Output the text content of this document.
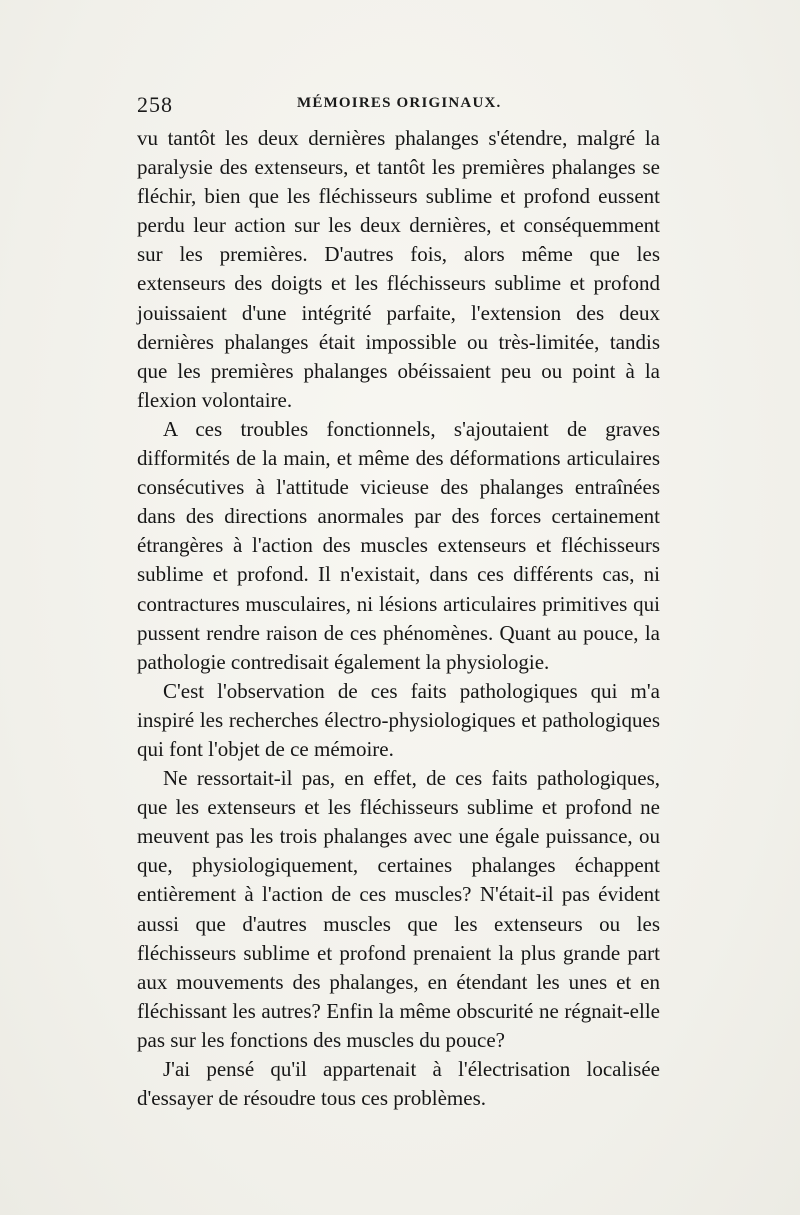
258	MÉMOIRES ORIGINAUX.

vu tantôt les deux dernières phalanges s'étendre, malgré la paralysie des extenseurs, et tantôt les premières phalanges se fléchir, bien que les fléchisseurs sublime et profond eussent perdu leur action sur les deux dernières, et conséquemment sur les premières. D'autres fois, alors même que les extenseurs des doigts et les fléchisseurs sublime et profond jouissaient d'une intégrité parfaite, l'extension des deux dernières phalanges était impossible ou très-limitée, tandis que les premières phalanges obéissaient peu ou point à la flexion volontaire.

A ces troubles fonctionnels, s'ajoutaient de graves difformités de la main, et même des déformations articulaires consécutives à l'attitude vicieuse des phalanges entraînées dans des directions anormales par des forces certainement étrangères à l'action des muscles extenseurs et fléchisseurs sublime et profond. Il n'existait, dans ces différents cas, ni contractures musculaires, ni lésions articulaires primitives qui pussent rendre raison de ces phénomènes. Quant au pouce, la pathologie contredisait également la physiologie.

C'est l'observation de ces faits pathologiques qui m'a inspiré les recherches électro-physiologiques et pathologiques qui font l'objet de ce mémoire.

Ne ressortait-il pas, en effet, de ces faits pathologiques, que les extenseurs et les fléchisseurs sublime et profond ne meuvent pas les trois phalanges avec une égale puissance, ou que, physiologiquement, certaines phalanges échappent entièrement à l'action de ces muscles? N'était-il pas évident aussi que d'autres muscles que les extenseurs ou les fléchisseurs sublime et profond prenaient la plus grande part aux mouvements des phalanges, en étendant les unes et en fléchissant les autres? Enfin la même obscurité ne régnait-elle pas sur les fonctions des muscles du pouce?

J'ai pensé qu'il appartenait à l'électrisation localisée d'essayer de résoudre tous ces problèmes.
